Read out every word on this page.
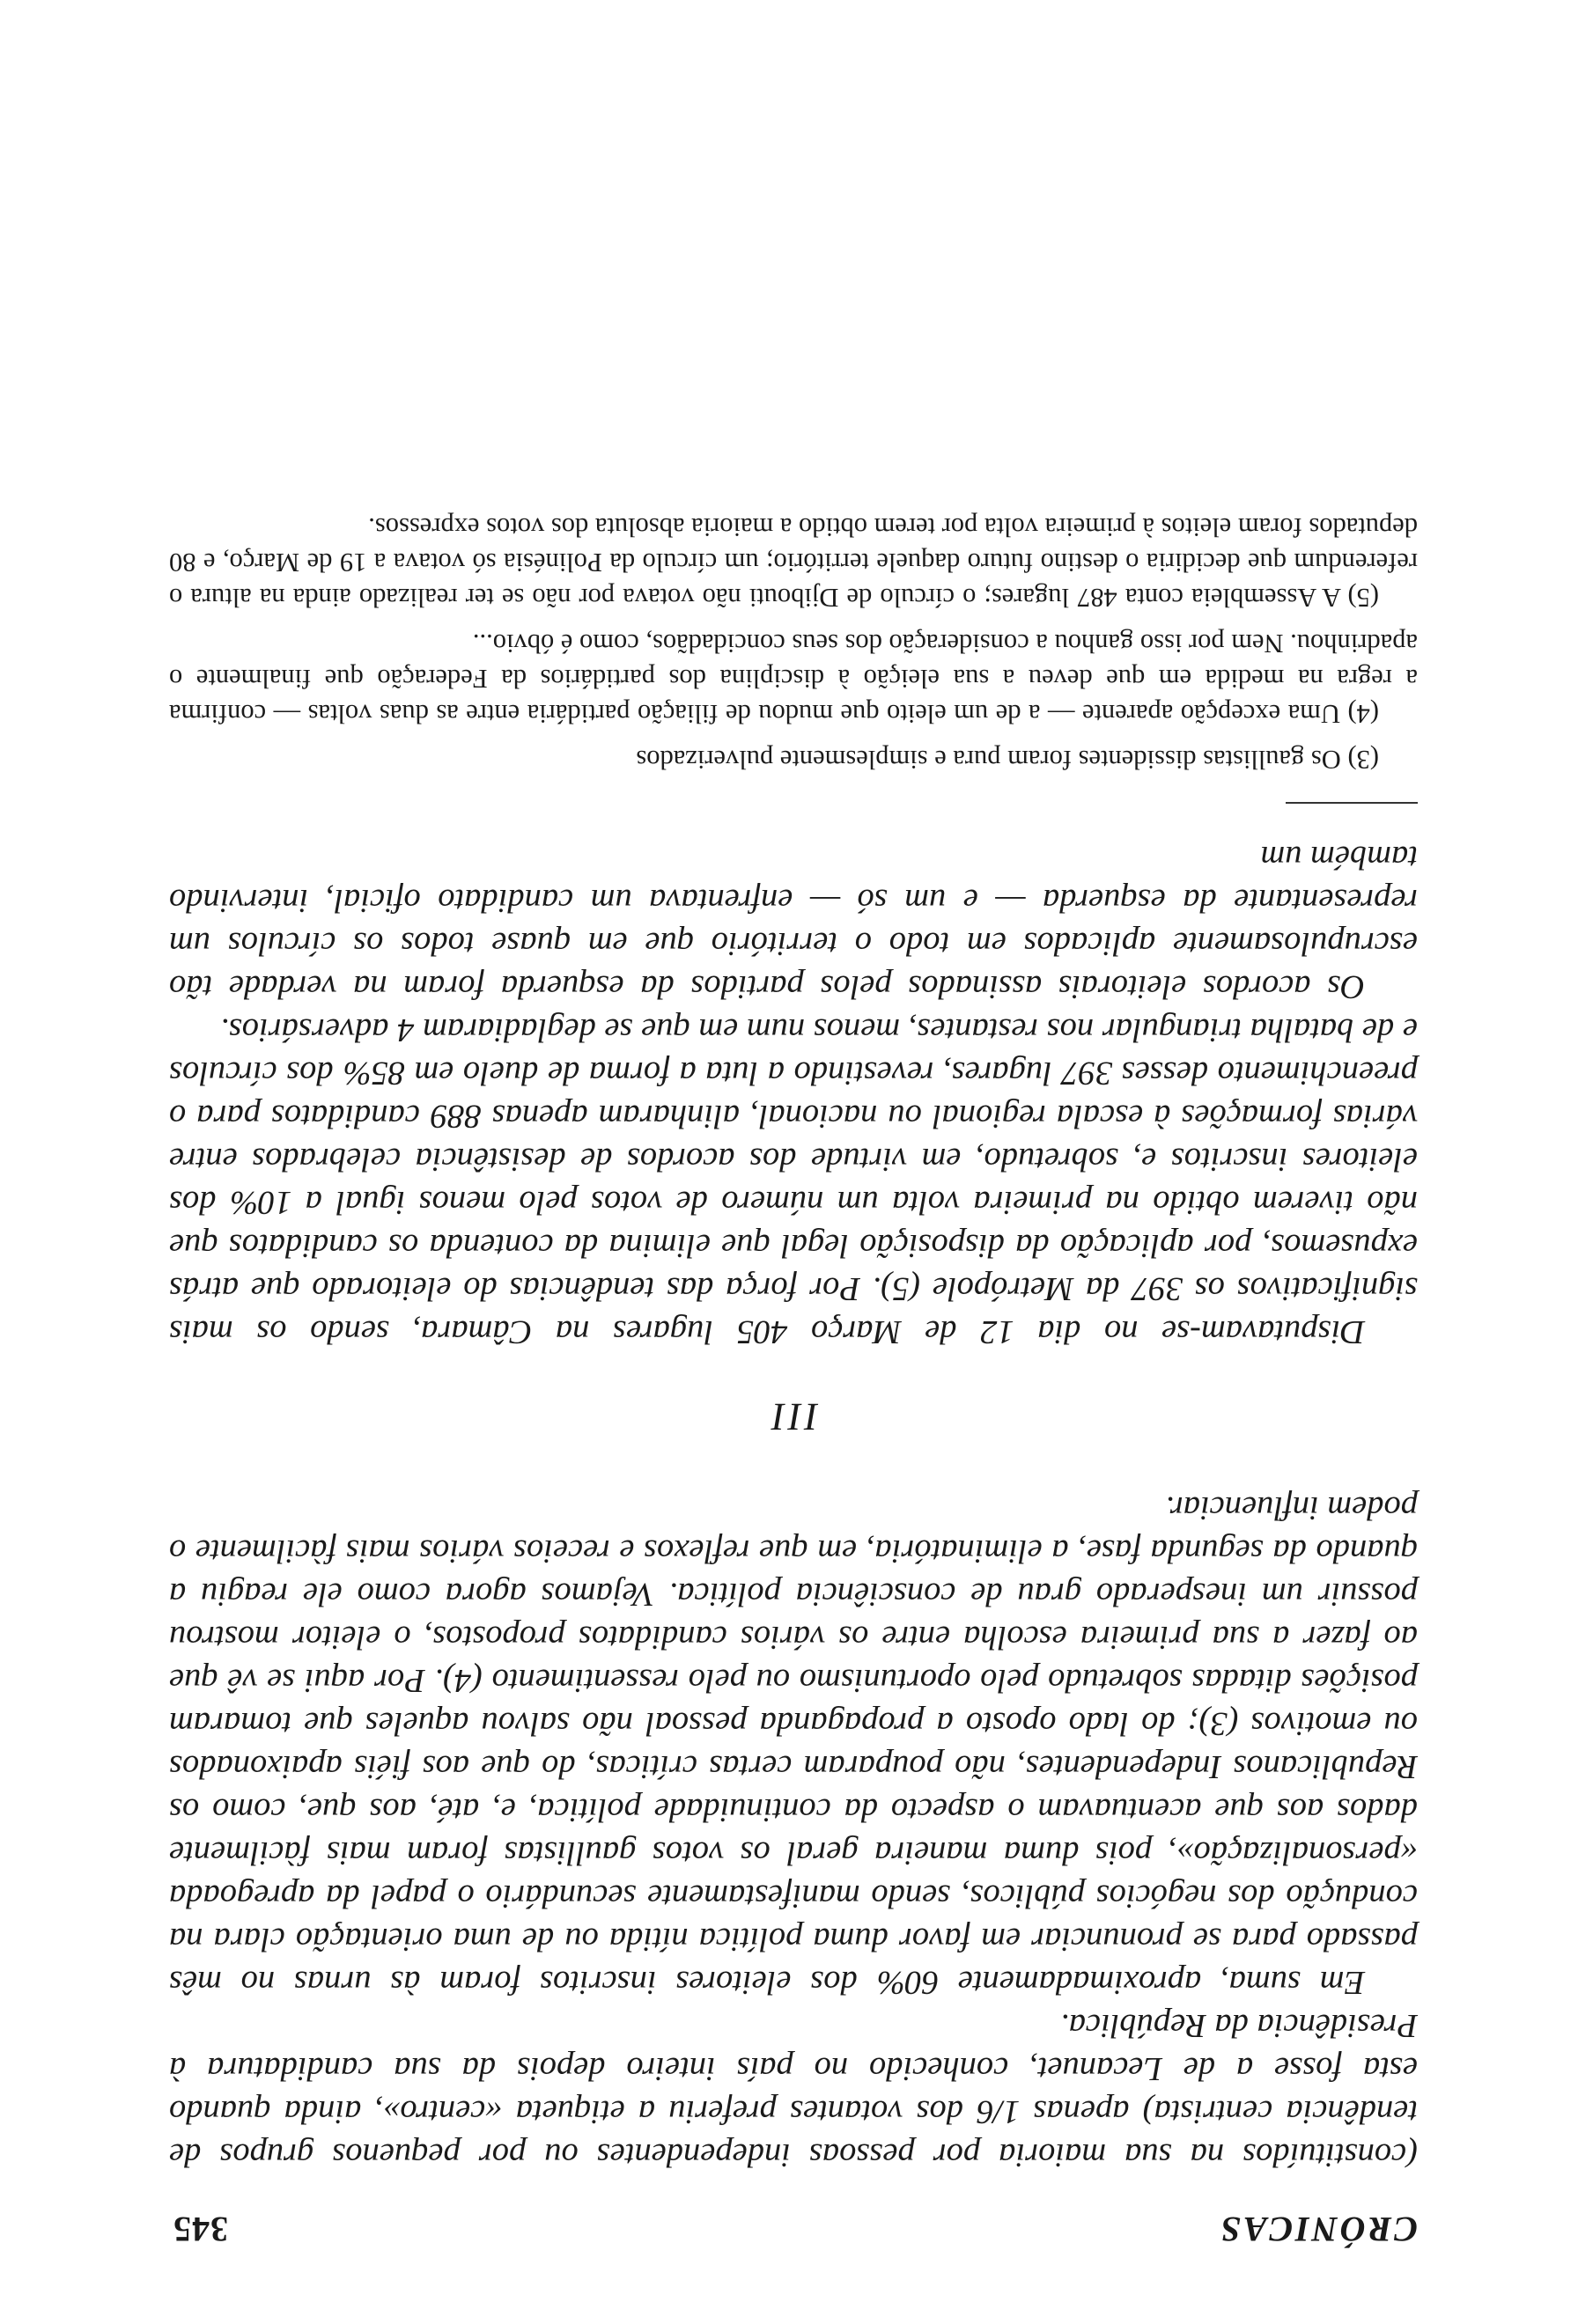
CRÓNICAS
345

(constituídos na sua maioria por pessoas independentes ou por pequenos grupos de tendência centrista) apenas 1/6 dos votantes preferiu a etiqueta «centro», ainda quando esta fosse a de Lecanuet, conhecido no país inteiro depois da sua candidatura à Presidência da República.

Em suma, aproximadamente 60% dos eleitores inscritos foram às urnas no mês passado para se pronunciar em favor duma política nítida ou de uma orientação clara na condução dos negócios públicos, sendo manifestamente secundário o papel da apregoada «personalização», pois duma maneira geral os votos gaullistas foram mais fàcilmente dados aos que acentuavam o aspecto da continuidade política, e, até, aos que, como os Republicanos Independentes, não pouparam certas críticas, do que aos fiéis apaixonados ou emotivos (3); do lado oposto a propaganda pessoal não salvou aqueles que tomaram posições ditadas sobretudo pelo oportunismo ou pelo ressentimento (4). Por aqui se vê que ao fazer a sua primeira escolha entre os vários candidatos propostos, o eleitor mostrou possuir um inesperado grau de consciência política. Vejamos agora como ele reagiu a quando da segunda fase, a eliminatória, em que reflexos e receios vários mais fàcilmente o podem influenciar.

III

Disputavam-se no dia 12 de Março 405 lugares na Câmara, sendo os mais significativos os 397 da Metrópole (5). Por força das tendências do eleitorado que atrás expusemos, por aplicação da disposição legal que elimina da contenda os candidatos que não tiverem obtido na primeira volta um número de votos pelo menos igual a 10% dos eleitores inscritos e, sobretudo, em virtude dos acordos de desistência celebrados entre várias formações à escala regional ou nacional, alinharam apenas 889 candidatos para o preenchimento desses 397 lugares, revestindo a luta a forma de duelo em 85% dos círculos e de batalha triangular nos restantes, menos num em que se degladiaram 4 adversários.

Os acordos eleitorais assinados pelos partidos da esquerda foram na verdade tão escrupulosamente aplicados em todo o território que em quase todos os círculos um representante da esquerda — e um só — enfrentava um candidato oficial, intervindo também um

(3) Os gaullistas dissidentes foram pura e simplesmente pulverizados

(4) Uma excepção aparente — a de um eleito que mudou de filiação partidária entre as duas voltas — confirma a regra na medida em que deveu a sua eleição à disciplina dos partidários da Federação que finalmente o apadrinhou. Nem por isso ganhou a consideração dos seus concidadãos, como é óbvio...

(5) A Assembleia conta 487 lugares; o círculo de Djibouti não votava por não se ter realizado ainda na altura o referendum que decidiria o destino futuro daquele território; um círculo da Polinésia só votava a 19 de Março, e 80 deputados foram eleitos à primeira volta por terem obtido a maioria absoluta dos votos expressos.
